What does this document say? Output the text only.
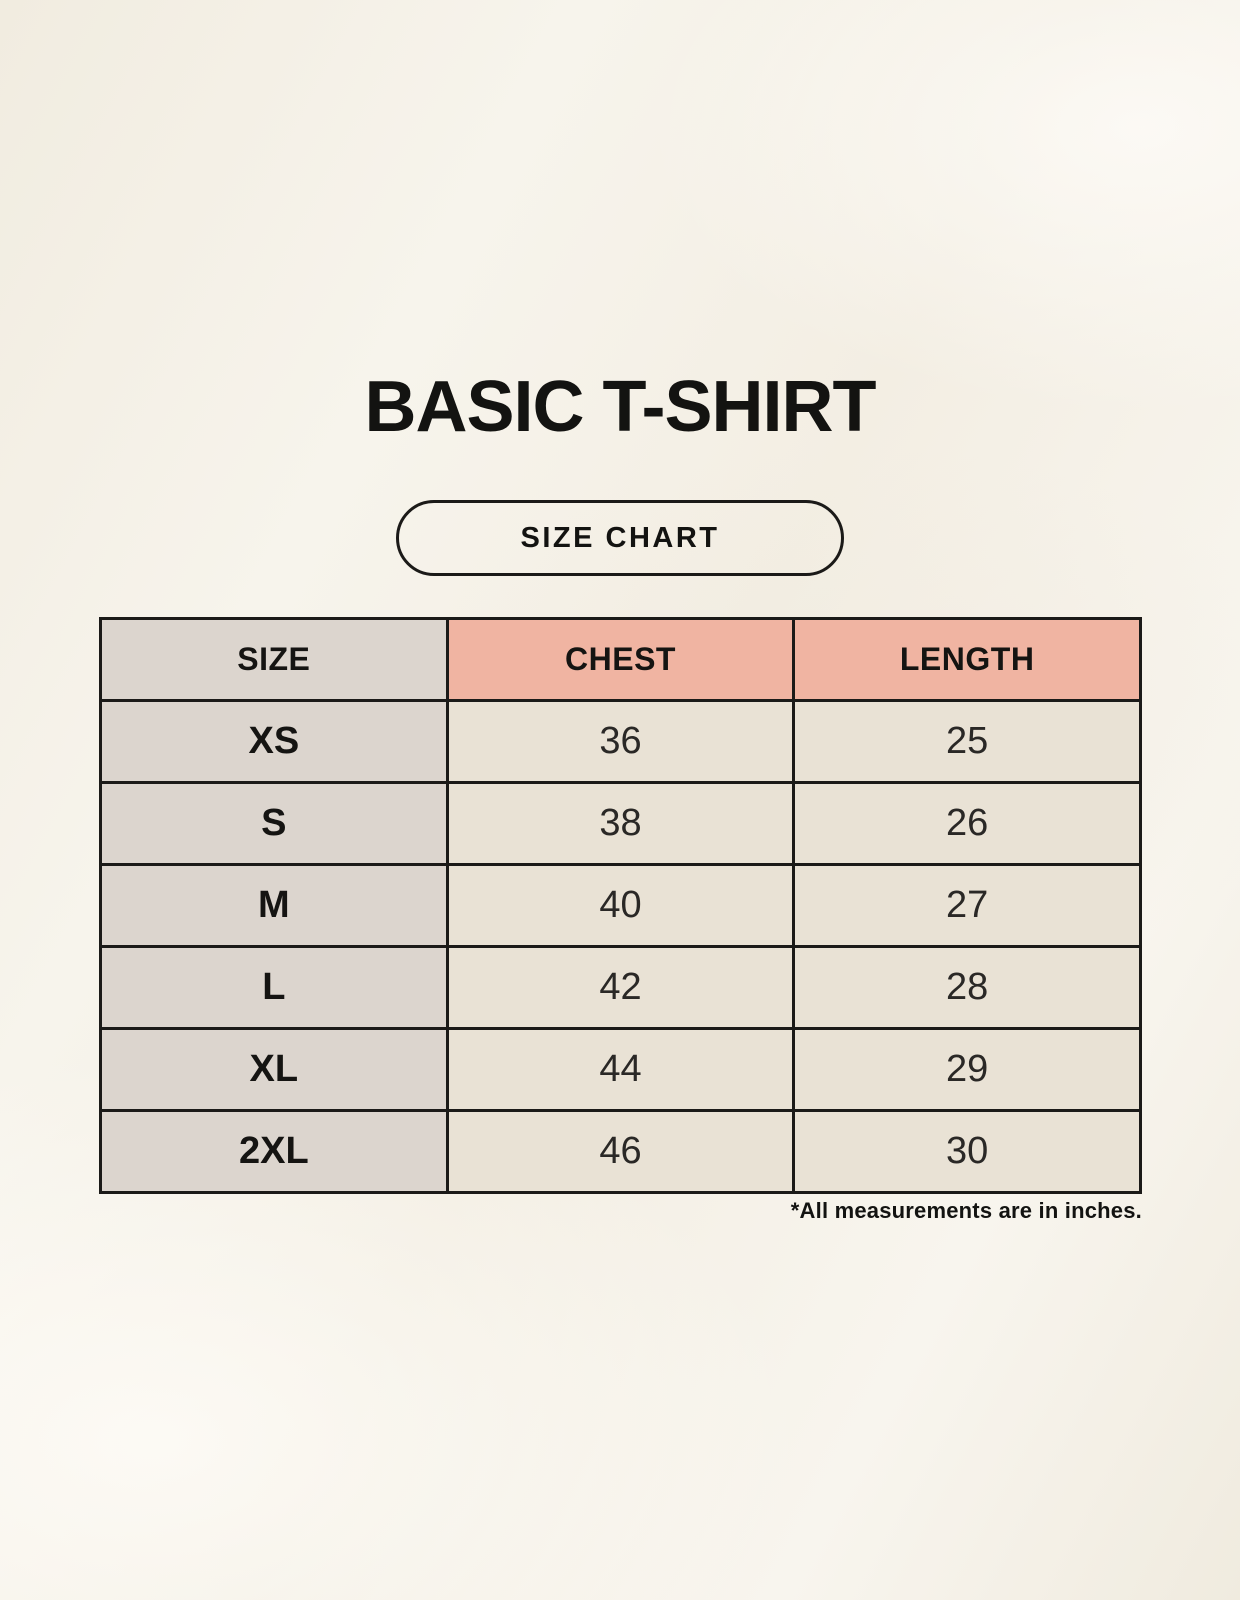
BASIC T-SHIRT
SIZE CHART
SIZE	CHEST	LENGTH
XS	36	25
S	38	26
M	40	27
L	42	28
XL	44	29
2XL	46	30
*All measurements are in inches.
